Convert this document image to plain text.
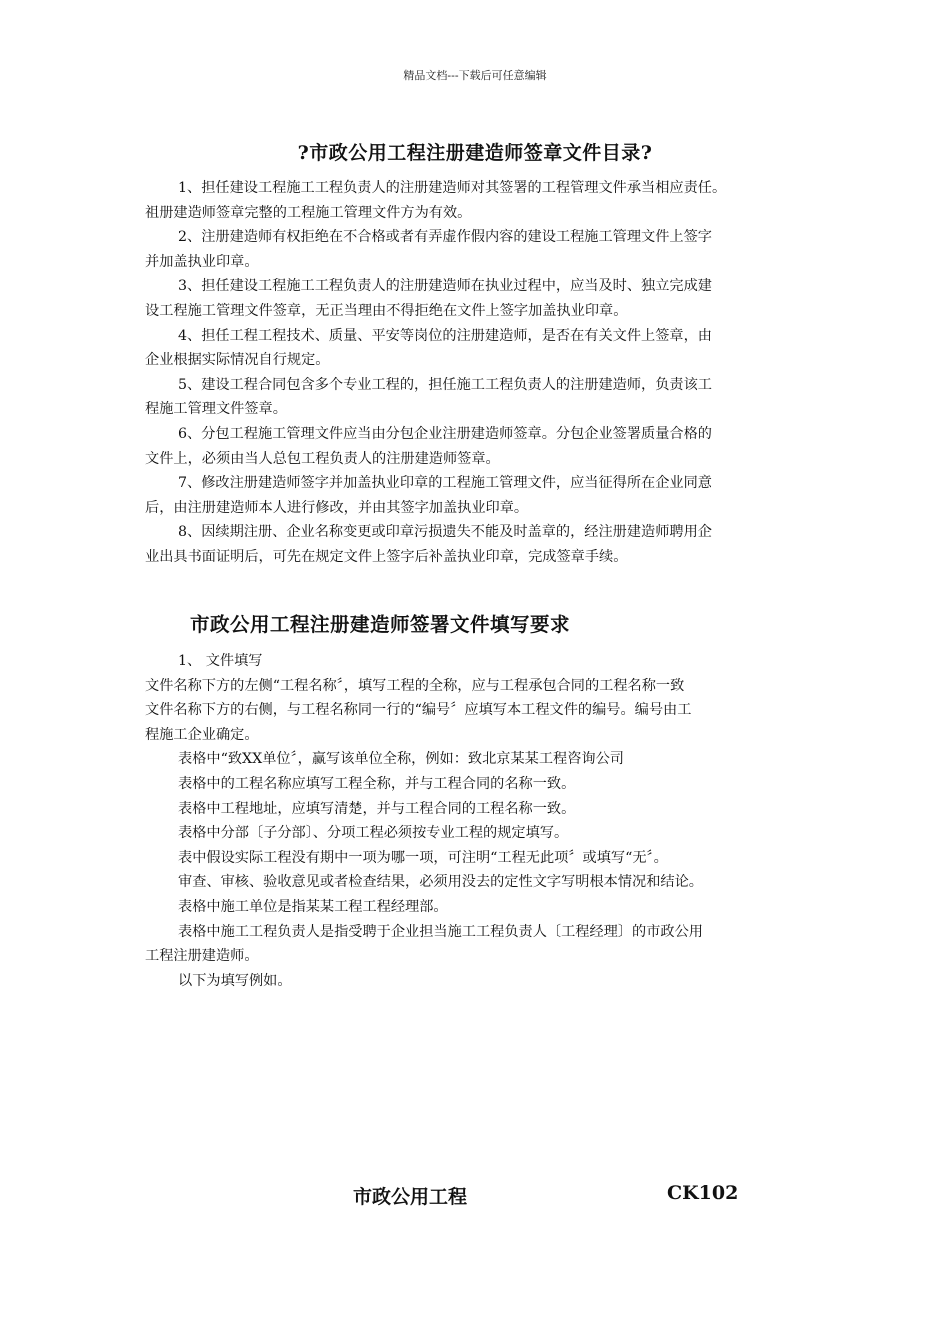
精品文档---下载后可任意编辑
?市政公用工程注册建造师签章文件目录?

1、担任建设工程施工工程负责人的注册建造师对其签署的工程管理文件承当相应责任。
祖册建造师签章完整的工程施工管理文件方为有效。

2、注册建造师有权拒绝在不合格或者有弄虚作假内容的建设工程施工管理文件上签字
并加盖执业印章。

3、担任建设工程施工工程负责人的注册建造师在执业过程中，应当及时、独立完成建
设工程施工管理文件签章，无正当理由不得拒绝在文件上签字加盖执业印章。

4、担任工程工程技术、质量、平安等岗位的注册建造师，是否在有关文件上签章，由
企业根据实际情况自行规定。

5、建设工程合同包含多个专业工程的，担任施工工程负责人的注册建造师，负责该工
程施工管理文件签章。

6、分包工程施工管理文件应当由分包企业注册建造师签章。分包企业签署质量合格的
文件上，必须由当人总包工程负责人的注册建造师签章。

7、修改注册建造师签字并加盖执业印章的工程施工管理文件，应当征得所在企业同意
后，由注册建造师本人进行修改，并由其签字加盖执业印章。

8、因续期注册、企业名称变更或印章污损遗失不能及时盖章的，经注册建造师聘用企
业出具书面证明后，可先在规定文件上签字后补盖执业印章，完成签章手续。

市政公用工程注册建造师签署文件填写要求
1、 文件填写
文件名称下方的左侧“工程名称〞，填写工程的全称，应与工程承包合同的工程名称一致
文件名称下方的右侧，与工程名称同一行的“编号〞应填写本工程文件的编号。编号由工
程施工企业确定。
表格中“致XX单位〞，赢写该单位全称，例如：致北京某某工程咨询公司
表格中的工程名称应填写工程全称，并与工程合同的名称一致。
表格中工程地址，应填写清楚，并与工程合同的工程名称一致。
表格中分部〔子分部〕、分项工程必须按专业工程的规定填写。
表中假设实际工程没有期中一项为哪一项，可注明“工程无此项〞或填写“无〞。
审查、审核、验收意见或者检查结果，必须用没去的定性文字写明根本情况和结论。
表格中施工单位是指某某工程工程经理部。
表格中施工工程负责人是指受聘于企业担当施工工程负责人〔工程经理〕的市政公用
工程注册建造师。
以下为填写例如。
市政公用工程	CK102
